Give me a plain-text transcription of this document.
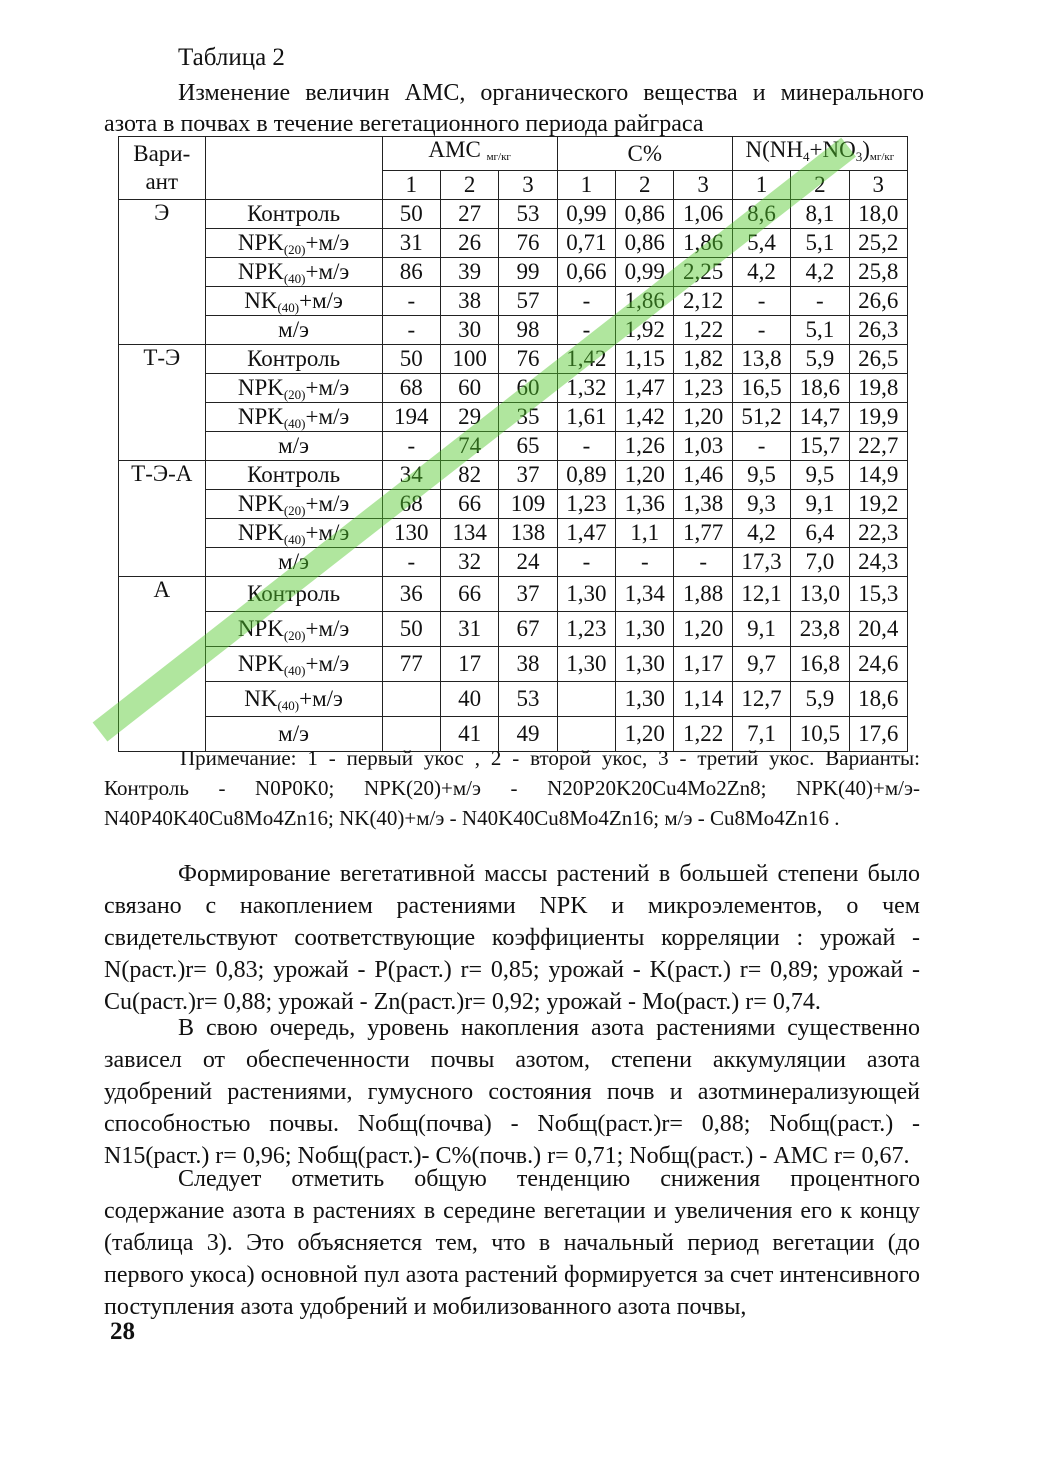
Таблица 2
Изменение величин АМС, органического вещества и минерального азота в почвах в течение вегетационного периода райграса
Вари-ант		АМС мг/кг			С%			$N(NH_4+NO_3)мг/кг$		
		1	2	3	1	2	3	1	2	3
Э	Контроль	50	27	53	0,99	0,86	1,06	8,6	8,1	18,0
	$NPK_{(20)}+м/э$	31	26	76	0,71	0,86	1,86	5,4	5,1	25,2
	$NPK_{(40)}+м/э$	86	39	99	0,66	0,99	2,25	4,2	4,2	25,8
	$NK_{(40)}+м/э$	-	38	57	-	1,86	2,12	-	-	26,6
	м/э	-	30	98	-	1,92	1,22	-	5,1	26,3
Т-Э	Контроль	50	100	76	1,42	1,15	1,82	13,8	5,9	26,5
	$NPK_{(20)}+м/э$	68	60	60	1,32	1,47	1,23	16,5	18,6	19,8
	$NPK_{(40)}+м/э$	194	29	35	1,61	1,42	1,20	51,2	14,7	19,9
	м/э	-	74	65	-	1,26	1,03	-	15,7	22,7
Т-Э-А	Контроль	34	82	37	0,89	1,20	1,46	9,5	9,5	14,9
	$NPK_{(20)}+м/э$	68	66	109	1,23	1,36	1,38	9,3	9,1	19,2
	$NPK_{(40)}+м/э$	130	134	138	1,47	1,1	1,77	4,2	6,4	22,3
	м/э	-	32	24	-	-	-	17,3	7,0	24,3
А	Контроль	36	66	37	1,30	1,34	1,88	12,1	13,0	15,3
	$NPK_{(20)}+м/э$	50	31	67	1,23	1,30	1,20	9,1	23,8	20,4
	$NPK_{(40)}+м/э$	77	17	38	1,30	1,30	1,17	9,7	16,8	24,6
	$NK_{(40)}+м/э$		40	53		1,30	1,14	12,7	5,9	18,6
	м/э		41	49		1,20	1,22	7,1	10,5	17,6
Примечание: 1 - первый укос , 2 - второй укос, 3 - третий укос. Варианты: Контроль - N0P0K0; NPK(20)+м/э - N20P20K20Cu4Mo2Zn8; NPK(40)+м/э- N40P40K40Cu8Mo4Zn16; NK(40)+м/э - N40K40Cu8Mo4Zn16; м/э - Cu8Mo4Zn16 .
Формирование вегетативной массы растений в большей степени было связано с накоплением растениями NPK и микроэлементов, о чем свидетельствуют соответствующие коэффициенты корреляции : урожай - N(раст.)r= 0,83; урожай - P(раст.) r= 0,85; урожай - K(раст.) r= 0,89; урожай - Cu(раст.)r= 0,88; урожай - Zn(раст.)r= 0,92; урожай - Mo(раст.) r= 0,74.
В свою очередь, уровень накопления азота растениями существенно зависел от обеспеченности почвы азотом, степени аккумуляции азота удобрений растениями, гумусного состояния почв и азотминерализующей способностью почвы. Nобщ(почва) - Nобщ(раст.)r= 0,88; Nобщ(раст.) - N15(раст.) r= 0,96; Nобщ(раст.)- C%(почв.) r= 0,71; Nобщ(раст.) - АМС r= 0,67.
Следует отметить общую тенденцию снижения процентного содержание азота в растениях в середине вегетации и увеличения его к концу (таблица 3). Это объясняется тем, что в начальный период вегетации (до первого укоса) основной пул азота растений формируется за счет интенсивного поступления азота удобрений и мобилизованного азота почвы,
28
